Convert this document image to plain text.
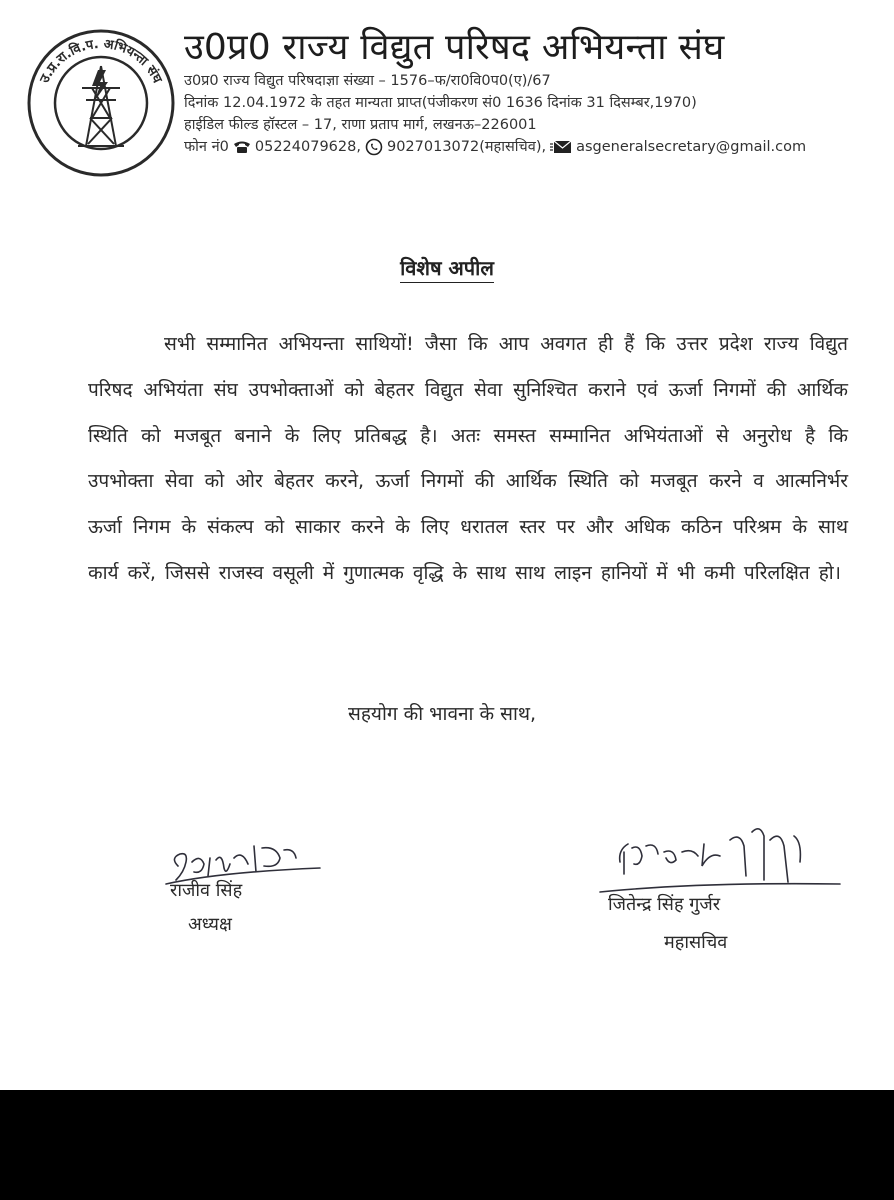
उ.प्र.रा.वि.प. अभियन्ता संघ
उ0प्र0 राज्य विद्युत परिषद अभियन्ता संघ
उ0प्र0 राज्य विद्युत परिषदाज्ञा संख्या – 1576–फ/रा0वि0प0(ए)/67
दिनांक 12.04.1972 के तहत मान्यता प्राप्त(पंजीकरण सं0 1636 दिनांक 31 दिसम्बर,1970)
हाईडिल फील्ड हॉस्टल – 17, राणा प्रताप मार्ग, लखनऊ–226001
फोन नं0 05224079628, 9027013072(महासचिव), asgeneralsecretary@gmail.com
विशेष अपील
सभी सम्मानित अभियन्ता साथियों! जैसा कि आप अवगत ही हैं कि उत्तर प्रदेश राज्य विद्युत परिषद अभियंता संघ उपभोक्ताओं को बेहतर विद्युत सेवा सुनिश्चित कराने एवं ऊर्जा निगमों की आर्थिक स्थिति को मजबूत बनाने के लिए प्रतिबद्ध है। अतः समस्त सम्मानित अभियंताओं से अनुरोध है कि उपभोक्ता सेवा को ओर बेहतर करने, ऊर्जा निगमों की आर्थिक स्थिति को मजबूत करने व आत्मनिर्भर ऊर्जा निगम के संकल्प को साकार करने के लिए धरातल स्तर पर और अधिक कठिन परिश्रम के साथ कार्य करें, जिससे राजस्व वसूली में गुणात्मक वृद्धि के साथ साथ लाइन हानियों में भी कमी परिलक्षित हो।
सहयोग की भावना के साथ,
राजीव सिंह
अध्यक्ष
जितेन्द्र सिंह गुर्जर
महासचिव
